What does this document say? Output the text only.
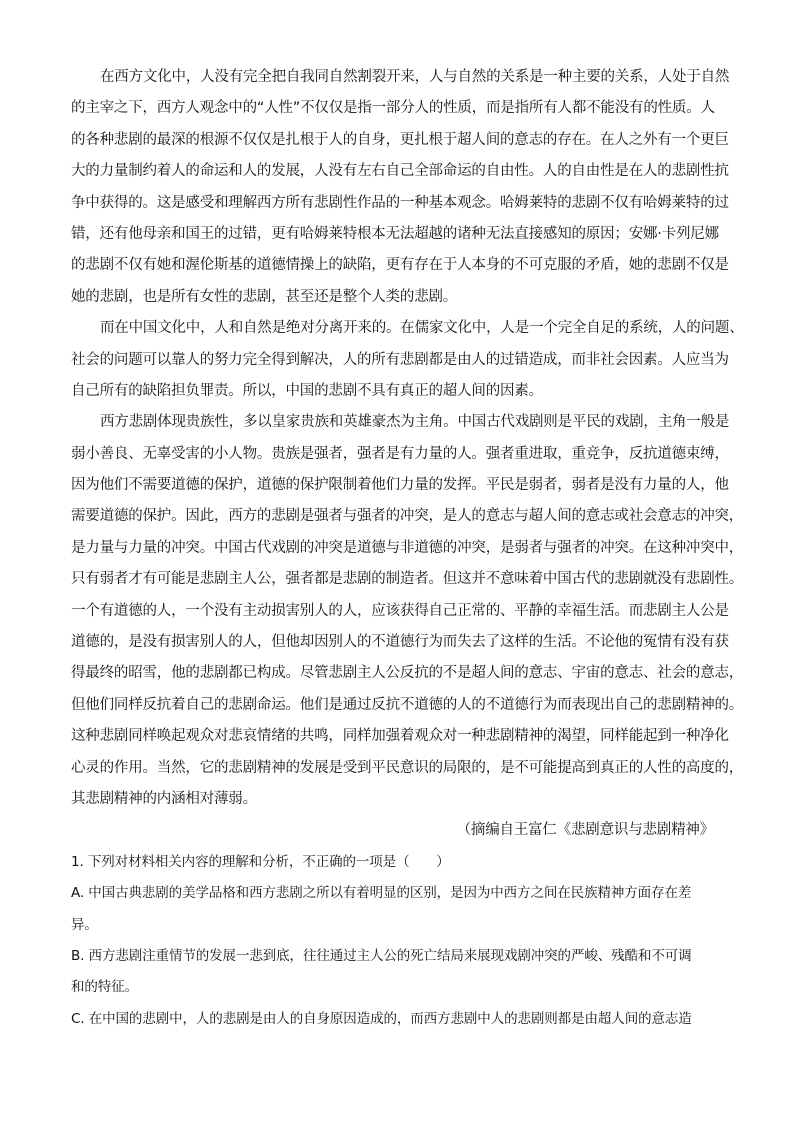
在西方文化中，人没有完全把自我同自然割裂开来，人与自然的关系是一种主要的关系，人处于自然
的主宰之下，西方人观念中的“人性”不仅仅是指一部分人的性质，而是指所有人都不能没有的性质。人
的各种悲剧的最深的根源不仅仅是扎根于人的自身，更扎根于超人间的意志的存在。在人之外有一个更巨
大的力量制约着人的命运和人的发展，人没有左右自己全部命运的自由性。人的自由性是在人的悲剧性抗
争中获得的。这是感受和理解西方所有悲剧性作品的一种基本观念。哈姆莱特的悲剧不仅有哈姆莱特的过
错，还有他母亲和国王的过错，更有哈姆莱特根本无法超越的诸种无法直接感知的原因；安娜·卡列尼娜
的悲剧不仅有她和渥伦斯基的道德情操上的缺陷，更有存在于人本身的不可克服的矛盾，她的悲剧不仅是
她的悲剧，也是所有女性的悲剧，甚至还是整个人类的悲剧。
而在中国文化中，人和自然是绝对分离开来的。在儒家文化中，人是一个完全自足的系统，人的问题、
社会的问题可以靠人的努力完全得到解决，人的所有悲剧都是由人的过错造成，而非社会因素。人应当为
自己所有的缺陷担负罪责。所以，中国的悲剧不具有真正的超人间的因素。
西方悲剧体现贵族性，多以皇家贵族和英雄豪杰为主角。中国古代戏剧则是平民的戏剧，主角一般是
弱小善良、无辜受害的小人物。贵族是强者，强者是有力量的人。强者重进取，重竞争，反抗道德束缚，
因为他们不需要道德的保护，道德的保护限制着他们力量的发挥。平民是弱者，弱者是没有力量的人，他
需要道德的保护。因此，西方的悲剧是强者与强者的冲突，是人的意志与超人间的意志或社会意志的冲突，
是力量与力量的冲突。中国古代戏剧的冲突是道德与非道德的冲突，是弱者与强者的冲突。在这种冲突中，
只有弱者才有可能是悲剧主人公，强者都是悲剧的制造者。但这并不意味着中国古代的悲剧就没有悲剧性。
一个有道德的人，一个没有主动损害别人的人，应该获得自己正常的、平静的幸福生活。而悲剧主人公是
道德的，是没有损害别人的人，但他却因别人的不道德行为而失去了这样的生活。不论他的冤情有没有获
得最终的昭雪，他的悲剧都已构成。尽管悲剧主人公反抗的不是超人间的意志、宇宙的意志、社会的意志，
但他们同样反抗着自己的悲剧命运。他们是通过反抗不道德的人的不道德行为而表现出自己的悲剧精神的。
这种悲剧同样唤起观众对悲哀情绪的共鸣，同样加强着观众对一种悲剧精神的渴望，同样能起到一种净化
心灵的作用。当然，它的悲剧精神的发展是受到平民意识的局限的，是不可能提高到真正的人性的高度的，
其悲剧精神的内涵相对薄弱。
（摘编自王富仁《悲剧意识与悲剧精神》
1. 下列对材料相关内容的理解和分析，不正确的一项是（　　）
A. 中国古典悲剧的美学品格和西方悲剧之所以有着明显的区别，是因为中西方之间在民族精神方面存在差
异。
B. 西方悲剧注重情节的发展一悲到底，往往通过主人公的死亡结局来展现戏剧冲突的严峻、残酷和不可调
和的特征。
C. 在中国的悲剧中，人的悲剧是由人的自身原因造成的，而西方悲剧中人的悲剧则都是由超人间的意志造
